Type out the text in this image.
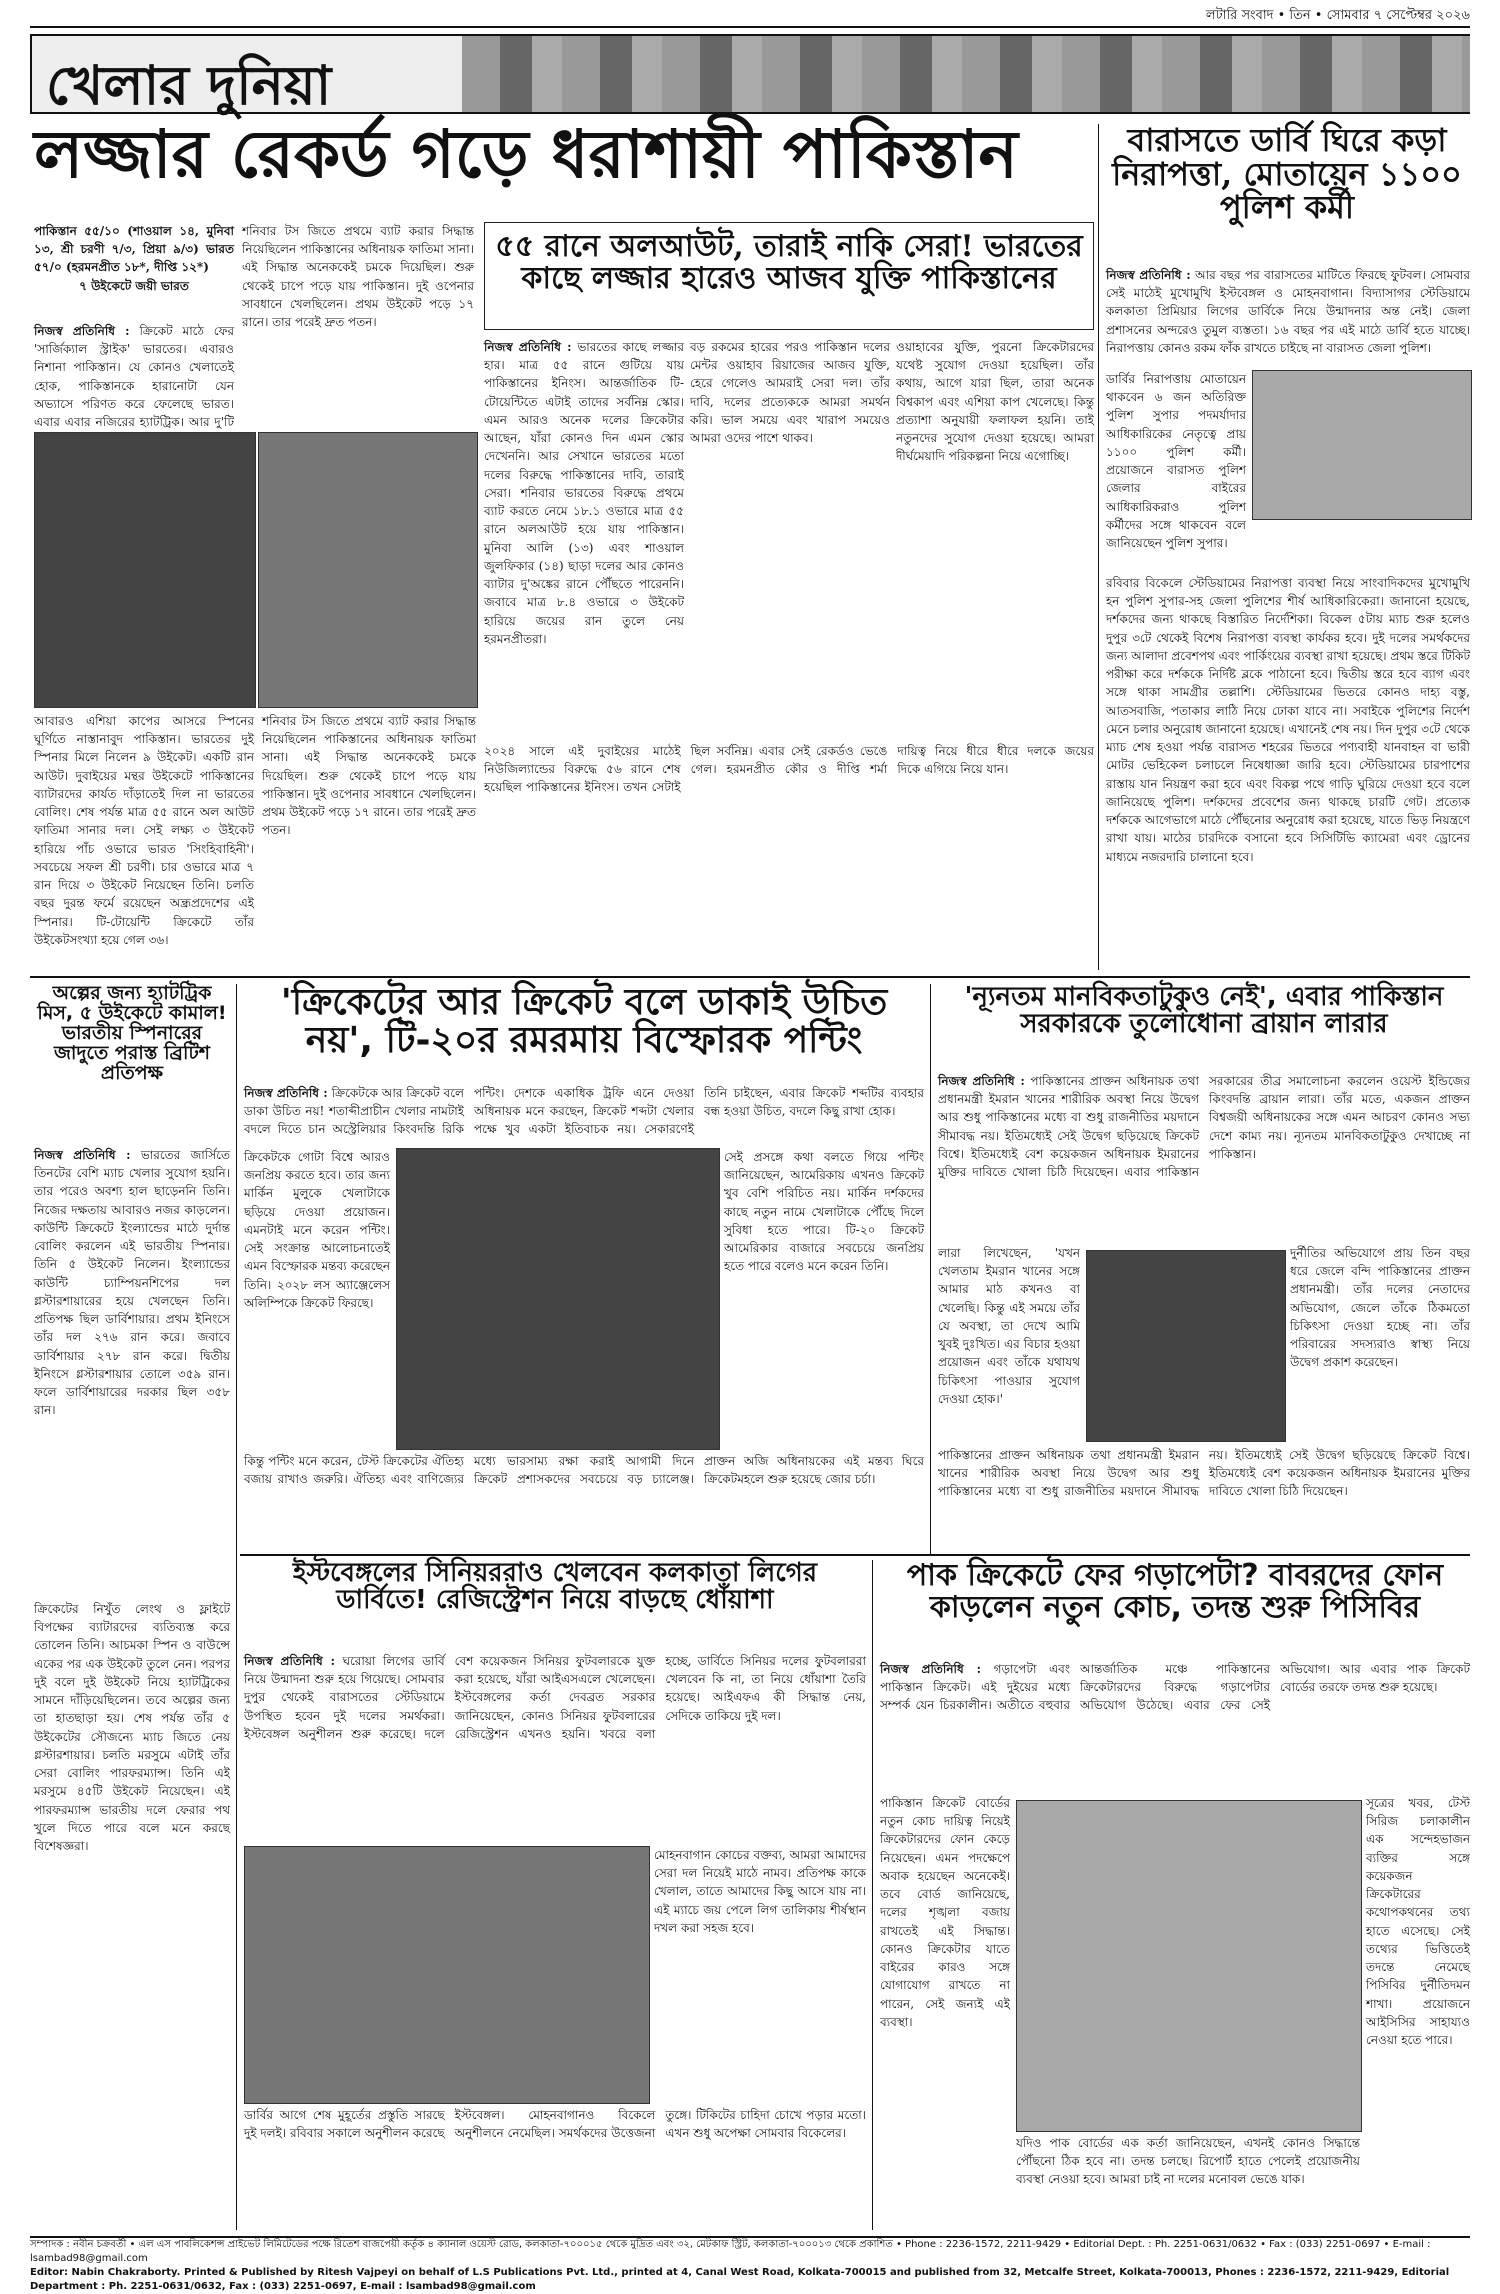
লটারি সংবাদ • তিন • সোমবার ৭ সেপ্টেম্বর ২০২৬
খেলার দুনিয়া
লজ্জার রেকর্ড গড়ে ধরাশায়ী পাকিস্তান
পাকিস্তান ৫৫/১০ (শাওয়াল ১৪, মুনিবা ১৩, শ্রী চরণী ৭/৩, প্রিয়া ৯/৩) ভারত ৫৭/০ (হরমনপ্রীত ১৮*, দীপ্তি ১২*)
৭ উইকেটে জয়ী ভারত
নিজস্ব প্রতিনিধি : ক্রিকেট মাঠে ফের 'সার্জিক্যাল স্ট্রাইক' ভারতের। এবারও নিশানা পাকিস্তান। যে কোনও খেলাতেই হোক, পাকিস্তানকে হারানোটা যেন অভ্যাসে পরিণত করে ফেলেছে ভারত। এবার এবার নজিরের হ্যাটট্রিক। আর দু'টি
শনিবার টস জিতে প্রথমে ব্যাট করার সিদ্ধান্ত নিয়েছিলেন পাকিস্তানের অধিনায়ক ফাতিমা সানা। এই সিদ্ধান্ত অনেককেই চমকে দিয়েছিল। শুরু থেকেই চাপে পড়ে যায় পাকিস্তান। দুই ওপেনার সাবধানে খেলছিলেন। প্রথম উইকেট পড়ে ১৭ রানে। তার পরেই দ্রুত পতন।
আবারও এশিয়া কাপের আসরে স্পিনের ঘূর্ণিতে নাস্তানাবুদ পাকিস্তান। ভারতের দুই স্পিনার মিলে নিলেন ৯ উইকেট। একটি রান আউট। দুবাইয়ের মন্থর উইকেটে পাকিস্তানের ব্যাটারদের কার্যত দাঁড়াতেই দিল না ভারতের বোলিং। শেষ পর্যন্ত মাত্র ৫৫ রানে অল আউট ফাতিমা সানার দল। সেই লক্ষ্য ৩ উইকেট হারিয়ে পাঁচ ওভারে ভারত 'সিংহিবাহিনী'। সবচেয়ে সফল শ্রী চরণী। চার ওভারে মাত্র ৭ রান দিয়ে ৩ উইকেট নিয়েছেন তিনি। চলতি বছর দুরন্ত ফর্মে রয়েছেন অন্ধ্রপ্রদেশের এই স্পিনার। টি-টোয়েন্টি ক্রিকেটে তাঁর উইকেটসংখ্যা হয়ে গেল ৩৬।
শনিবার টস জিতে প্রথমে ব্যাট করার সিদ্ধান্ত নিয়েছিলেন পাকিস্তানের অধিনায়ক ফাতিমা সানা। এই সিদ্ধান্ত অনেককেই চমকে দিয়েছিল। শুরু থেকেই চাপে পড়ে যায় পাকিস্তান। দুই ওপেনার সাবধানে খেলছিলেন। প্রথম উইকেট পড়ে ১৭ রানে। তার পরেই দ্রুত পতন।
৫৫ রানে অলআউট, তারাই নাকি সেরা! ভারতের কাছে লজ্জার হারেও আজব যুক্তি পাকিস্তানের
নিজস্ব প্রতিনিধি : ভারতের কাছে লজ্জার হার। মাত্র ৫৫ রানে গুটিয়ে যায় পাকিস্তানের ইনিংস। আন্তর্জাতিক টি-টোয়েন্টিতে এটাই তাদের সর্বনিম্ন স্কোর। এমন আরও অনেক দলের ক্রিকেটার আছেন, যাঁরা কোনও দিন এমন স্কোর দেখেননি। আর সেখানে ভারতের মতো দলের বিরুদ্ধে পাকিস্তানের দাবি, তারাই সেরা। শনিবার ভারতের বিরুদ্ধে প্রথমে ব্যাট করতে নেমে ১৮.১ ওভারে মাত্র ৫৫ রানে অলআউট হয়ে যায় পাকিস্তান। মুনিবা আলি (১৩) এবং শাওয়াল জুলফিকার (১৪) ছাড়া দলের আর কোনও ব্যাটার দু'অঙ্কের রানে পৌঁছতে পারেননি। জবাবে মাত্র ৮.৪ ওভারে ৩ উইকেট হারিয়ে জয়ের রান তুলে নেয় হরমনপ্রীতরা।
বড় রকমের হারের পরও পাকিস্তান দলের মেন্টর ওয়াহাব রিয়াজের আজব যুক্তি, হেরে গেলেও আমরাই সেরা দল। তাঁর দাবি, দলের প্রত্যেককে আমরা সমর্থন করি। ভাল সময়ে এবং খারাপ সময়েও আমরা ওদের পাশে থাকব।
ওয়াহাবের যুক্তি, পুরনো ক্রিকেটারদের যথেষ্ট সুযোগ দেওয়া হয়েছিল। তাঁর কথায়, আগে যারা ছিল, তারা অনেক বিশ্বকাপ এবং এশিয়া কাপ খেলেছে। কিন্তু প্রত্যাশা অনুযায়ী ফলাফল হয়নি। তাই নতুনদের সুযোগ দেওয়া হয়েছে। আমরা দীর্ঘমেয়াদি পরিকল্পনা নিয়ে এগোচ্ছি।
২০২৪ সালে এই দুবাইয়ের মাঠেই নিউজিল্যান্ডের বিরুদ্ধে ৫৬ রানে শেষ হয়েছিল পাকিস্তানের ইনিংস। তখন সেটাই ছিল সর্বনিম্ন। এবার সেই রেকর্ডও ভেঙে গেল। হরমনপ্রীত কৌর ও দীপ্তি শর্মা দায়িত্ব নিয়ে ধীরে ধীরে দলকে জয়ের দিকে এগিয়ে নিয়ে যান।
বারাসতে ডার্বি ঘিরে কড়া নিরাপত্তা, মোতায়েন ১১০০ পুলিশ কর্মী
নিজস্ব প্রতিনিধি : আর বছর পর বারাসতের মাটিতে ফিরছে ফুটবল। সোমবার সেই মাঠেই মুখোমুখি ইস্টবেঙ্গল ও মোহনবাগান। বিদ্যাসাগর স্টেডিয়ামে কলকাতা প্রিমিয়ার লিগের ডার্বিকে নিয়ে উন্মাদনার অন্ত নেই। জেলা প্রশাসনের অন্দরেও তুমুল ব্যস্ততা। ১৬ বছর পর এই মাঠে ডার্বি হতে যাচ্ছে। নিরাপত্তায় কোনও রকম ফাঁক রাখতে চাইছে না বারাসত জেলা পুলিশ।
ডার্বির নিরাপত্তায় মোতায়েন থাকবেন ৬ জন অতিরিক্ত পুলিশ সুপার পদমর্যাদার আধিকারিকের নেতৃত্বে প্রায় ১১০০ পুলিশ কর্মী। প্রয়োজনে বারাসত পুলিশ জেলার বাইরের আধিকারিকরাও পুলিশ কর্মীদের সঙ্গে থাকবেন বলে জানিয়েছেন পুলিশ সুপার।
রবিবার বিকেলে স্টেডিয়ামের নিরাপত্তা ব্যবস্থা নিয়ে সাংবাদিকদের মুখোমুখি হন পুলিশ সুপার-সহ জেলা পুলিশের শীর্ষ আধিকারিকেরা। জানানো হয়েছে, দর্শকদের জন্য থাকছে বিস্তারিত নির্দেশিকা। বিকেল ৫টায় ম্যাচ শুরু হলেও দুপুর ৩টে থেকেই বিশেষ নিরাপত্তা ব্যবস্থা কার্যকর হবে। দুই দলের সমর্থকদের জন্য আলাদা প্রবেশপথ এবং পার্কিংয়ের ব্যবস্থা রাখা হয়েছে। প্রথম স্তরে টিকিট পরীক্ষা করে দর্শককে নির্দিষ্ট ব্লকে পাঠানো হবে। দ্বিতীয় স্তরে হবে ব্যাগ এবং সঙ্গে থাকা সামগ্রীর তল্লাশি। স্টেডিয়ামের ভিতরে কোনও দাহ্য বস্তু, আতসবাজি, পতাকার লাঠি নিয়ে ঢোকা যাবে না। সবাইকে পুলিশের নির্দেশ মেনে চলার অনুরোধ জানানো হয়েছে। এখানেই শেষ নয়। দিন দুপুর ৩টে থেকে ম্যাচ শেষ হওয়া পর্যন্ত বারাসত শহরের ভিতরে পণ্যবাহী যানবাহন বা ভারী মোটর ভেহিকেল চলাচলে নিষেধাজ্ঞা জারি হবে। স্টেডিয়ামের চারপাশের রাস্তায় যান নিয়ন্ত্রণ করা হবে এবং বিকল্প পথে গাড়ি ঘুরিয়ে দেওয়া হবে বলে জানিয়েছে পুলিশ। দর্শকদের প্রবেশের জন্য থাকছে চারটি গেট। প্রত্যেক দর্শককে আগেভাগে মাঠে পৌঁছনোর অনুরোধ করা হয়েছে, যাতে ভিড় নিয়ন্ত্রণে রাখা যায়। মাঠের চারদিকে বসানো হবে সিসিটিভি ক্যামেরা এবং ড্রোনের মাধ্যমে নজরদারি চালানো হবে।
অল্পের জন্য হ্যাটট্রিক মিস, ৫ উইকেটে কামাল! ভারতীয় স্পিনারের জাদুতে পরাস্ত ব্রিটিশ প্রতিপক্ষ
নিজস্ব প্রতিনিধি : ভারতের জার্সিতে তিনটের বেশি ম্যাচ খেলার সুযোগ হয়নি। তার পরেও অবশ্য হাল ছাড়েননি তিনি। নিজের দক্ষতায় আবারও নজর কাড়লেন। কাউন্টি ক্রিকেটে ইংল্যান্ডের মাঠে দুর্দান্ত বোলিং করলেন এই ভারতীয় স্পিনার। তিনি ৫ উইকেট নিলেন। ইংল্যান্ডের কাউন্টি চ্যাম্পিয়নশিপের দল গ্লস্টারশায়ারের হয়ে খেলছেন তিনি। প্রতিপক্ষ ছিল ডার্বিশায়ার। প্রথম ইনিংসে তাঁর দল ২৭৬ রান করে। জবাবে ডার্বিশায়ার ২৭৮ রান করে। দ্বিতীয় ইনিংসে গ্লস্টারশায়ার তোলে ৩৫৯ রান। ফলে ডার্বিশায়ারের দরকার ছিল ৩৫৮ রান।
ক্রিকেটের নিখুঁত লেংথ ও ফ্লাইটে বিপক্ষের ব্যাটারদের ব্যতিব্যস্ত করে তোলেন তিনি। আচমকা স্পিন ও বাউন্সে একের পর এক উইকেট তুলে নেন। পরপর দুই বলে দুই উইকেট নিয়ে হ্যাটট্রিকের সামনে দাঁড়িয়েছিলেন। তবে অল্পের জন্য তা হাতছাড়া হয়। শেষ পর্যন্ত তাঁর ৫ উইকেটের সৌজন্যে ম্যাচ জিতে নেয় গ্লস্টারশায়ার। চলতি মরসুমে এটাই তাঁর সেরা বোলিং পারফরম্যান্স। তিনি এই মরসুমে ৪৫টি উইকেট নিয়েছেন। এই পারফরম্যান্স ভারতীয় দলে ফেরার পথ খুলে দিতে পারে বলে মনে করছে বিশেষজ্ঞরা।
'ক্রিকেটের আর ক্রিকেট বলে ডাকাই উচিত নয়', টি-২০র রমরমায় বিস্ফোরক পন্টিং
নিজস্ব প্রতিনিধি : ক্রিকেটকে আর ক্রিকেট বলে ডাকা উচিত নয়! শতাব্দীপ্রাচীন খেলার নামটাই বদলে দিতে চান অস্ট্রেলিয়ার কিংবদন্তি রিকি পন্টিং। দেশকে একাধিক ট্রফি এনে দেওয়া অধিনায়ক মনে করছেন, ক্রিকেট শব্দটা খেলার পক্ষে খুব একটা ইতিবাচক নয়। সেকারণেই তিনি চাইছেন, এবার ক্রিকেট শব্দটির ব্যবহার বন্ধ হওয়া উচিত, বদলে কিছু রাখা হোক।
ক্রিকেটকে গোটা বিশ্বে আরও জনপ্রিয় করতে হবে। তার জন্য মার্কিন মুলুকে খেলাটাকে ছড়িয়ে দেওয়া প্রয়োজন। এমনটাই মনে করেন পন্টিং। সেই সংক্রান্ত আলোচনাতেই এমন বিস্ফোরক মন্তব্য করেছেন তিনি। ২০২৮ লস অ্যাঞ্জেলেস অলিম্পিকে ক্রিকেট ফিরছে।
সেই প্রসঙ্গে কথা বলতে গিয়ে পন্টিং জানিয়েছেন, আমেরিকায় এখনও ক্রিকেট খুব বেশি পরিচিত নয়। মার্কিন দর্শকদের কাছে নতুন নামে খেলাটাকে পৌঁছে দিলে সুবিধা হতে পারে। টি-২০ ক্রিকেট আমেরিকার বাজারে সবচেয়ে জনপ্রিয় হতে পারে বলেও মনে করেন তিনি।
কিন্তু পন্টিং মনে করেন, টেস্ট ক্রিকেটের ঐতিহ্য বজায় রাখাও জরুরি। ঐতিহ্য এবং বাণিজ্যের মধ্যে ভারসাম্য রক্ষা করাই আগামী দিনে ক্রিকেট প্রশাসকদের সবচেয়ে বড় চ্যালেঞ্জ। প্রাক্তন অজি অধিনায়কের এই মন্তব্য ঘিরে ক্রিকেটমহলে শুরু হয়েছে জোর চর্চা।
'ন্যূনতম মানবিকতাটুকুও নেই', এবার পাকিস্তান সরকারকে তুলোধোনা ব্রায়ান লারার
নিজস্ব প্রতিনিধি : পাকিস্তানের প্রাক্তন অধিনায়ক তথা প্রধানমন্ত্রী ইমরান খানের শারীরিক অবস্থা নিয়ে উদ্বেগ আর শুধু পাকিস্তানের মধ্যে বা শুধু রাজনীতির ময়দানে সীমাবদ্ধ নয়। ইতিমধ্যেই সেই উদ্বেগ ছড়িয়েছে ক্রিকেট বিশ্বে। ইতিমধ্যেই বেশ কয়েকজন অধিনায়ক ইমরানের মুক্তির দাবিতে খোলা চিঠি দিয়েছেন। এবার পাকিস্তান সরকারের তীব্র সমালোচনা করলেন ওয়েস্ট ইন্ডিজের কিংবদন্তি ব্রায়ান লারা। তাঁর মতে, একজন প্রাক্তন বিশ্বজয়ী অধিনায়কের সঙ্গে এমন আচরণ কোনও সভ্য দেশে কাম্য নয়। ন্যূনতম মানবিকতাটুকুও দেখাচ্ছে না পাকিস্তান।
লারা লিখেছেন, 'যখন খেলতাম ইমরান খানের সঙ্গে আমার মাঠ কখনও বা খেলেছি। কিন্তু এই সময়ে তাঁর যে অবস্থা, তা দেখে আমি খুবই দুঃখিত। এর বিচার হওয়া প্রয়োজন এবং তাঁকে যথাযথ চিকিৎসা পাওয়ার সুযোগ দেওয়া হোক।'
দুর্নীতির অভিযোগে প্রায় তিন বছর ধরে জেলে বন্দি পাকিস্তানের প্রাক্তন প্রধানমন্ত্রী। তাঁর দলের নেতাদের অভিযোগ, জেলে তাঁকে ঠিকমতো চিকিৎসা দেওয়া হচ্ছে না। তাঁর পরিবারের সদস্যরাও স্বাস্থ্য নিয়ে উদ্বেগ প্রকাশ করেছেন।
পাকিস্তানের প্রাক্তন অধিনায়ক তথা প্রধানমন্ত্রী ইমরান খানের শারীরিক অবস্থা নিয়ে উদ্বেগ আর শুধু পাকিস্তানের মধ্যে বা শুধু রাজনীতির ময়দানে সীমাবদ্ধ নয়। ইতিমধ্যেই সেই উদ্বেগ ছড়িয়েছে ক্রিকেট বিশ্বে। ইতিমধ্যেই বেশ কয়েকজন অধিনায়ক ইমরানের মুক্তির দাবিতে খোলা চিঠি দিয়েছেন।
ইস্টবেঙ্গলের সিনিয়ররাও খেলবেন কলকাতা লিগের ডার্বিতে! রেজিস্ট্রেশন নিয়ে বাড়ছে ধোঁয়াশা
নিজস্ব প্রতিনিধি : ঘরোয়া লিগের ডার্বি নিয়ে উন্মাদনা শুরু হয়ে গিয়েছে। সোমবার দুপুর থেকেই বারাসতের স্টেডিয়ামে উপস্থিত হবেন দুই দলের সমর্থকরা। ইস্টবেঙ্গল অনুশীলন শুরু করেছে। দলে বেশ কয়েকজন সিনিয়র ফুটবলারকে যুক্ত করা হয়েছে, যাঁরা আইএসএলে খেলেছেন। ইস্টবেঙ্গলের কর্তা দেবব্রত সরকার জানিয়েছেন, কোনও সিনিয়র ফুটবলারের রেজিস্ট্রেশন এখনও হয়নি। খবরে বলা হচ্ছে, ডার্বিতে সিনিয়র দলের ফুটবলাররা খেলবেন কি না, তা নিয়ে ধোঁয়াশা তৈরি হয়েছে। আইএফএ কী সিদ্ধান্ত নেয়, সেদিকে তাকিয়ে দুই দল।
মোহনবাগান কোচের বক্তব্য, আমরা আমাদের সেরা দল নিয়েই মাঠে নামব। প্রতিপক্ষ কাকে খেলাল, তাতে আমাদের কিছু আসে যায় না। এই ম্যাচে জয় পেলে লিগ তালিকায় শীর্ষস্থান দখল করা সহজ হবে।
ডার্বির আগে শেষ মুহূর্তের প্রস্তুতি সারছে দুই দলই। রবিবার সকালে অনুশীলন করেছে ইস্টবেঙ্গল। মোহনবাগানও বিকেলে অনুশীলনে নেমেছিল। সমর্থকদের উত্তেজনা তুঙ্গে। টিকিটের চাহিদা চোখে পড়ার মতো। এখন শুধু অপেক্ষা সোমবার বিকেলের।
পাক ক্রিকেটে ফের গড়াপেটা? বাবরদের ফোন কাড়লেন নতুন কোচ, তদন্ত শুরু পিসিবির
নিজস্ব প্রতিনিধি : গড়াপেটা এবং পাকিস্তান ক্রিকেট। এই দুইয়ের মধ্যে সম্পর্ক যেন চিরকালীন। অতীতে বহুবার আন্তর্জাতিক মঞ্চে পাকিস্তানের ক্রিকেটারদের বিরুদ্ধে গড়াপেটার অভিযোগ উঠেছে। এবার ফের সেই অভিযোগ। আর এবার পাক ক্রিকেট বোর্ডের তরফে তদন্ত শুরু হয়েছে।
পাকিস্তান ক্রিকেট বোর্ডের নতুন কোচ দায়িত্ব নিয়েই ক্রিকেটারদের ফোন কেড়ে নিয়েছেন। এমন পদক্ষেপে অবাক হয়েছেন অনেকেই। তবে বোর্ড জানিয়েছে, দলের শৃঙ্খলা বজায় রাখতেই এই সিদ্ধান্ত। কোনও ক্রিকেটার যাতে বাইরের কারও সঙ্গে যোগাযোগ রাখতে না পারেন, সেই জন্যই এই ব্যবস্থা।
সূত্রের খবর, টেস্ট সিরিজ চলাকালীন এক সন্দেহভাজন ব্যক্তির সঙ্গে কয়েকজন ক্রিকেটারের কথোপকথনের তথ্য হাতে এসেছে। সেই তথ্যের ভিত্তিতেই তদন্তে নেমেছে পিসিবির দুর্নীতিদমন শাখা। প্রয়োজনে আইসিসির সাহায্যও নেওয়া হতে পারে।
যদিও পাক বোর্ডের এক কর্তা জানিয়েছেন, এখনই কোনও সিদ্ধান্তে পৌঁছনো ঠিক হবে না। তদন্ত চলছে। রিপোর্ট হাতে পেলেই প্রয়োজনীয় ব্যবস্থা নেওয়া হবে। আমরা চাই না দলের মনোবল ভেঙে যাক।
সম্পাদক : নবীন চক্রবর্তী • এল এস পাবলিকেশন্স প্রাইভেট লিমিটেডের পক্ষে রিতেশ বাজপেয়ী কর্তৃক ৪ ক্যানাল ওয়েস্ট রোড, কলকাতা-৭০০০১৫ থেকে মুদ্রিত এবং ৩২, মেটকাফ স্ট্রিট, কলকাতা-৭০০০১৩ থেকে প্রকাশিত • Phone : 2236-1572, 2211-9429 • Editorial Dept. : Ph. 2251-0631/0632 • Fax : (033) 2251-0697 • E-mail : lsambad98@gmail.com
Editor: Nabin Chakraborty. Printed & Published by Ritesh Vajpeyi on behalf of L.S Publications Pvt. Ltd., printed at 4, Canal West Road, Kolkata-700015 and published from 32, Metcalfe Street, Kolkata-700013, Phones : 2236-1572, 2211-9429, Editorial Department : Ph. 2251-0631/0632, Fax : (033) 2251-0697, E-mail : lsambad98@gmail.com
